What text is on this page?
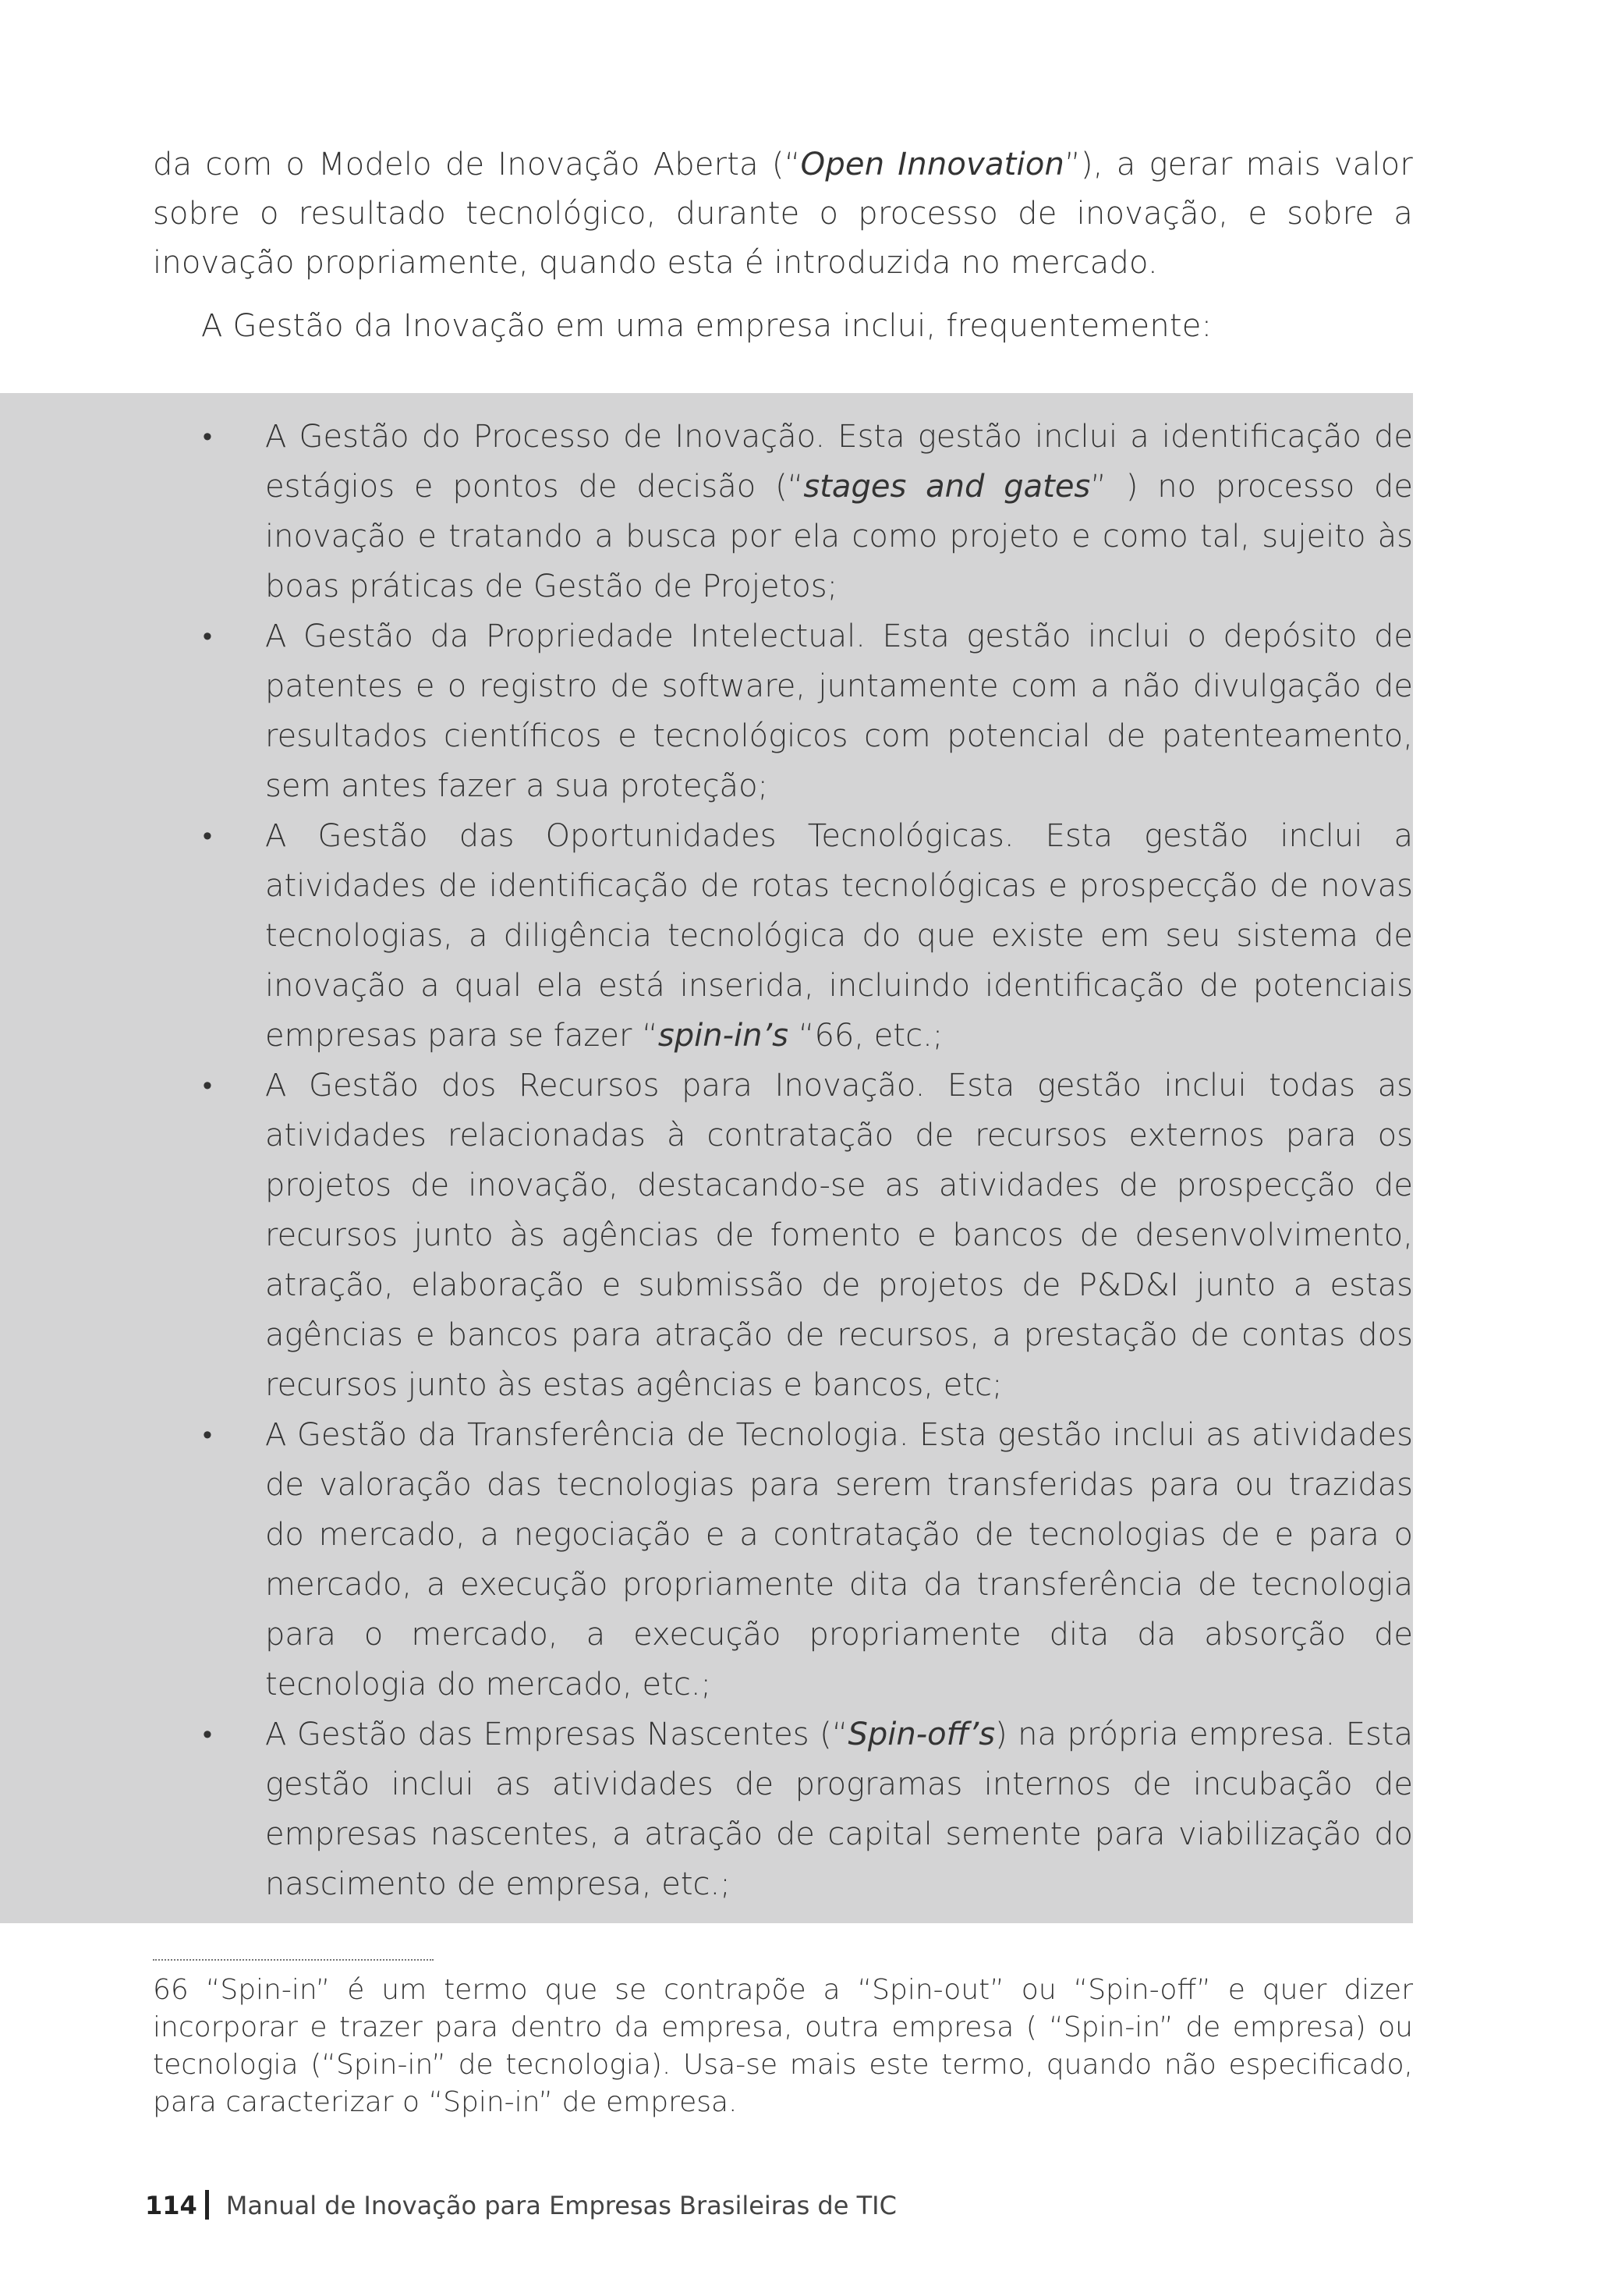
da com o Modelo de Inovação Aberta (“Open Innovation”), a gerar mais valor sobre o resultado tecnológico, durante o processo de inovação, e sobre a inovação propriamente, quando esta é introduzida no mercado.

A Gestão da Inovação em uma empresa inclui, frequentemente:

•	A Gestão do Processo de Inovação. Esta gestão inclui a identificação de estágios e pontos de decisão (“stages and gates” ) no processo de inovação e tratando a busca por ela como projeto e como tal, sujeito às boas práticas de Gestão de Projetos;
•	A Gestão da Propriedade Intelectual. Esta gestão inclui o depósito de patentes e o registro de software, juntamente com a não divulgação de resultados científicos e tecnológicos com potencial de patenteamento, sem antes fazer a sua proteção;
•	A Gestão das Oportunidades Tecnológicas. Esta gestão inclui a atividades de identificação de rotas tecnológicas e prospecção de novas tecnologias, a diligência tecnológica do que existe em seu sistema de inovação a qual ela está inserida, incluindo identificação de potenciais empresas para se fazer “spin-in’s “66, etc.;
•	A Gestão dos Recursos para Inovação. Esta gestão inclui todas as atividades relacionadas à contratação de recursos externos para os projetos de inovação, destacando-se as atividades de prospecção de recursos junto às agências de fomento e bancos de desenvolvimento, atração, elaboração e submissão de projetos de P&D&I junto a estas agências e bancos para atração de recursos, a prestação de contas dos recursos junto às estas agências e bancos, etc;
•	A Gestão da Transferência de Tecnologia. Esta gestão inclui as atividades de valoração das tecnologias para serem transferidas para ou trazidas do mercado, a negociação e a contratação de tecnologias de e para o mercado, a execução propriamente dita da transferência de tecnologia para o mercado, a execução propriamente dita da absorção de tecnologia do mercado, etc.;
•	A Gestão das Empresas Nascentes (“Spin-off’s) na própria empresa. Esta gestão inclui as atividades de programas internos de incubação de empresas nascentes, a atração de capital semente para viabilização do nascimento de empresa, etc.;
66 “Spin-in” é um termo que se contrapõe a “Spin-out” ou “Spin-off” e quer dizer incorporar e trazer para dentro da empresa, outra empresa ( “Spin-in” de empresa) ou tecnologia (“Spin-in” de tecnologia). Usa-se mais este termo, quando não especificado, para caracterizar o “Spin-in” de empresa.
114 Manual de Inovação para Empresas Brasileiras de TIC
